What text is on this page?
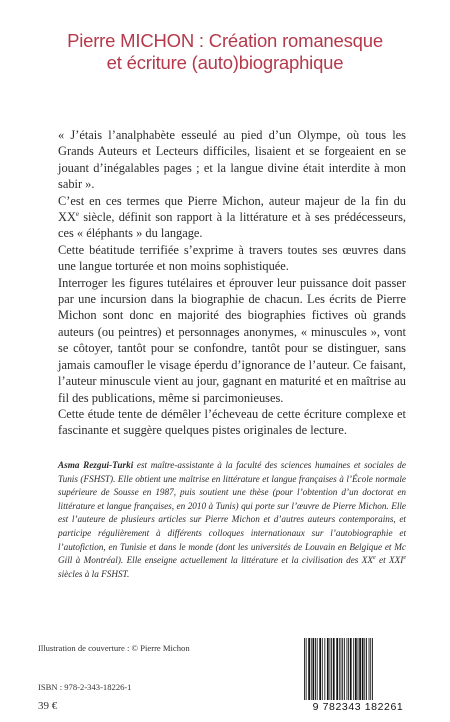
Pierre MICHON : Création romanesque
et écriture (auto)biographique

« J’étais l’analphabète esseulé au pied d’un Olympe, où tous les Grands Auteurs et Lecteurs difficiles, lisaient et se forgeaient en se jouant d’inégalables pages ; et la langue divine était interdite à mon sabir ».

C’est en ces termes que Pierre Michon, auteur majeur de la fin du XXe siècle, définit son rapport à la littérature et à ses prédécesseurs, ces « éléphants » du langage.

Cette béatitude terrifiée s’exprime à travers toutes ses œuvres dans une langue torturée et non moins sophistiquée.

Interroger les figures tutélaires et éprouver leur puissance doit passer par une incursion dans la biographie de chacun. Les écrits de Pierre Michon sont donc en majorité des biographies fictives où grands auteurs (ou peintres) et personnages anonymes, « minuscules », vont se côtoyer, tantôt pour se confondre, tantôt pour se distinguer, sans jamais camoufler le visage éperdu d’ignorance de l’auteur. Ce faisant, l’auteur minuscule vient au jour, gagnant en maturité et en maîtrise au fil des publications, même si parcimonieuses.

Cette étude tente de démêler l’écheveau de cette écriture complexe et fascinante et suggère quelques pistes originales de lecture.

Asma Rezgui-Turki est maître-assistante à la faculté des sciences humaines et sociales de Tunis (FSHST). Elle obtient une maîtrise en littérature et langue françaises à l’École normale supérieure de Sousse en 1987, puis soutient une thèse (pour l’obtention d’un doctorat en littérature et langue françaises, en 2010 à Tunis) qui porte sur l’œuvre de Pierre Michon. Elle est l’auteure de plusieurs articles sur Pierre Michon et d’autres auteurs contemporains, et participe régulièrement à différents colloques internationaux sur l’autobiographie et l’autofiction, en Tunisie et dans le monde (dont les universités de Louvain en Belgique et Mc Gill à Montréal). Elle enseigne actuellement la littérature et la civilisation des XXe et XXIe siècles à la FSHST.

Illustration de couverture : © Pierre Michon
ISBN : 978-2-343-18226-1
39 €	9 782343 182261
